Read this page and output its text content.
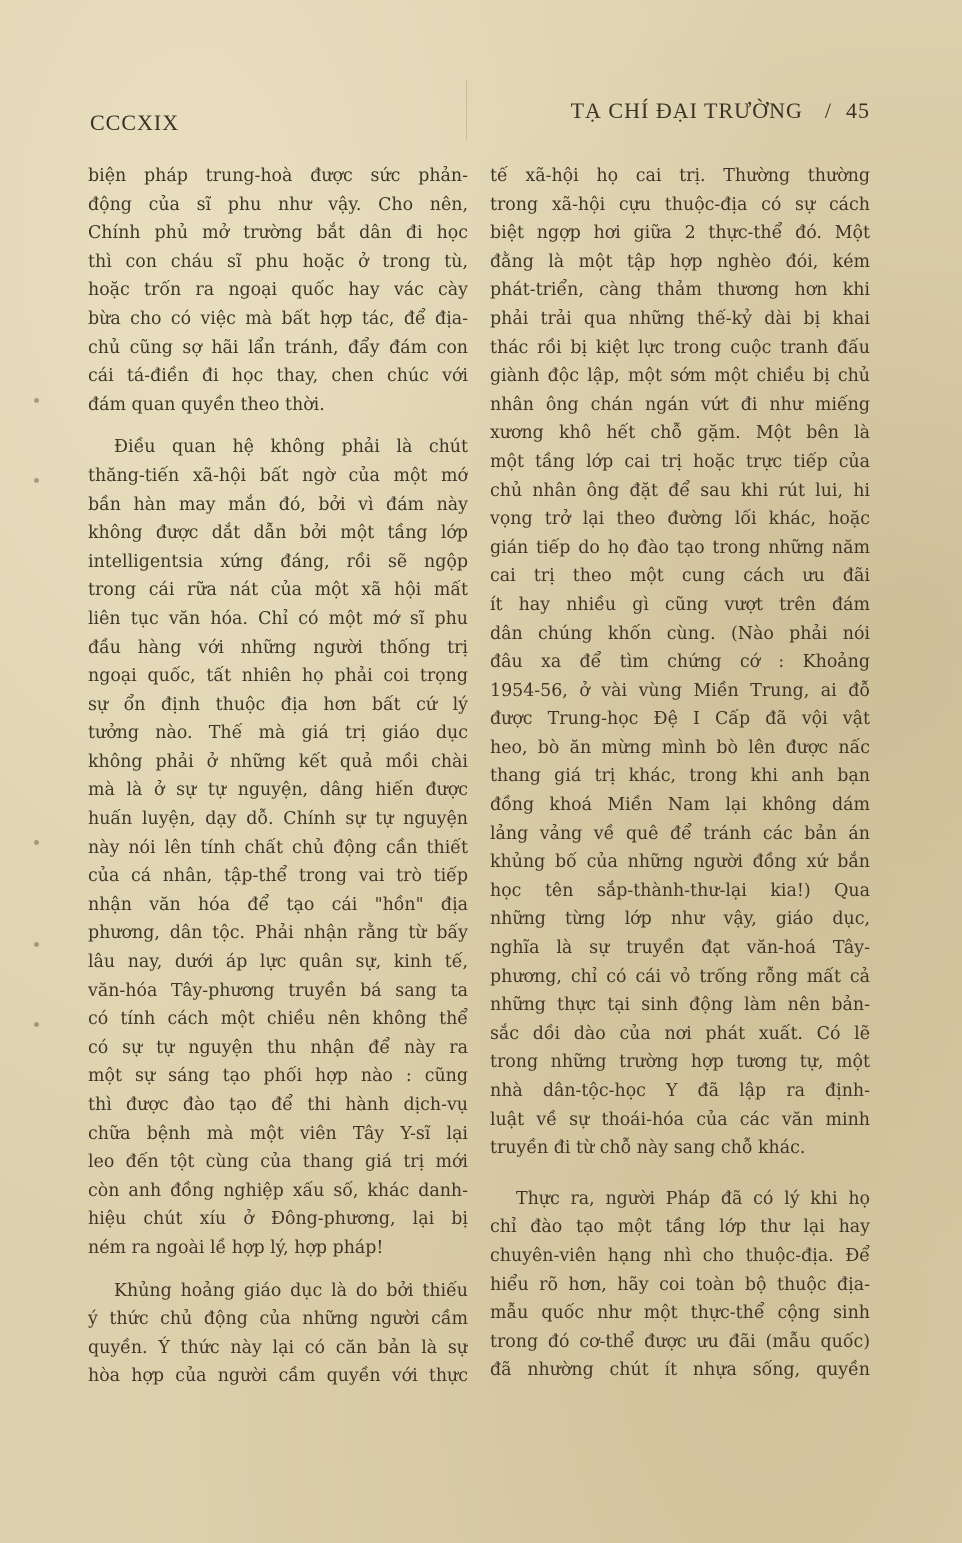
CCCXIX	TẠ CHÍ ĐẠI TRƯỜNG / 45
biện pháp trung-hoà được sức phản-
động của sĩ phu như vậy. Cho nên,
Chính phủ mở trường bắt dân đi học
thì con cháu sĩ phu hoặc ở trong tù,
hoặc trốn ra ngoại quốc hay vác cày
bừa cho có việc mà bất hợp tác, để địa-
chủ cũng sợ hãi lẩn tránh, đẩy đám con
cái tá-điền đi học thay, chen chúc với
đám quan quyền theo thời.
Điều quan hệ không phải là chút
thăng-tiến xã-hội bất ngờ của một mớ
bần hàn may mắn đó, bởi vì đám này
không được dắt dẫn bởi một tầng lớp
intelligentsia xứng đáng, rồi sẽ ngộp
trong cái rữa nát của một xã hội mất
liên tục văn hóa. Chỉ có một mớ sĩ phu
đầu hàng với những người thống trị
ngoại quốc, tất nhiên họ phải coi trọng
sự ổn định thuộc địa hơn bất cứ lý
tưởng nào. Thế mà giá trị giáo dục
không phải ở những kết quả mồi chài
mà là ở sự tự nguyện, dâng hiến được
huấn luyện, dạy dỗ. Chính sự tự nguyện
này nói lên tính chất chủ động cần thiết
của cá nhân, tập-thể trong vai trò tiếp
nhận văn hóa để tạo cái "hồn" địa
phương, dân tộc. Phải nhận rằng từ bấy
lâu nay, dưới áp lực quân sự, kinh tế,
văn-hóa Tây-phương truyền bá sang ta
có tính cách một chiều nên không thể
có sự tự nguyện thu nhận để này ra
một sự sáng tạo phối hợp nào : cũng
thì được đào tạo để thi hành dịch-vụ
chữa bệnh mà một viên Tây Y-sĩ lại
leo đến tột cùng của thang giá trị mới
còn anh đồng nghiệp xấu số, khác danh-
hiệu chút xíu ở Đông-phương, lại bị
ném ra ngoài lề hợp lý, hợp pháp!
Khủng hoảng giáo dục là do bởi thiếu
ý thức chủ động của những người cầm
quyền. Ý thức này lại có căn bản là sự
hòa hợp của người cầm quyền với thực
tế xã-hội họ cai trị. Thường thường
trong xã-hội cựu thuộc-địa có sự cách
biệt ngợp hơi giữa 2 thực-thể đó. Một
đằng là một tập hợp nghèo đói, kém
phát-triển, càng thảm thương hơn khi
phải trải qua những thế-kỷ dài bị khai
thác rồi bị kiệt lực trong cuộc tranh đấu
giành độc lập, một sớm một chiều bị chủ
nhân ông chán ngán vứt đi như miếng
xương khô hết chỗ gặm. Một bên là
một tầng lớp cai trị hoặc trực tiếp của
chủ nhân ông đặt để sau khi rút lui, hi
vọng trở lại theo đường lối khác, hoặc
gián tiếp do họ đào tạo trong những năm
cai trị theo một cung cách ưu đãi
ít hay nhiều gì cũng vượt trên đám
dân chúng khốn cùng. (Nào phải nói
đâu xa để tìm chứng cớ : Khoảng
1954-56, ở vài vùng Miền Trung, ai đỗ
được Trung-học Đệ I Cấp đã vội vật
heo, bò ăn mừng mình bò lên được nấc
thang giá trị khác, trong khi anh bạn
đồng khoá Miền Nam lại không dám
lảng vảng về quê để tránh các bản án
khủng bố của những người đồng xứ bắn
học tên sắp-thành-thư-lại kia!) Qua
những từng lớp như vậy, giáo dục,
nghĩa là sự truyền đạt văn-hoá Tây-
phương, chỉ có cái vỏ trống rỗng mất cả
những thực tại sinh động làm nên bản-
sắc dồi dào của nơi phát xuất. Có lẽ
trong những trường hợp tương tự, một
nhà dân-tộc-học Y đã lập ra định-
luật về sự thoái-hóa của các văn minh
truyền đi từ chỗ này sang chỗ khác.
Thực ra, người Pháp đã có lý khi họ
chỉ đào tạo một tầng lớp thư lại hay
chuyên-viên hạng nhì cho thuộc-địa. Để
hiểu rõ hơn, hãy coi toàn bộ thuộc địa-
mẫu quốc như một thực-thể cộng sinh
trong đó cơ-thể được ưu đãi (mẫu quốc)
đã nhường chút ít nhựa sống, quyền
